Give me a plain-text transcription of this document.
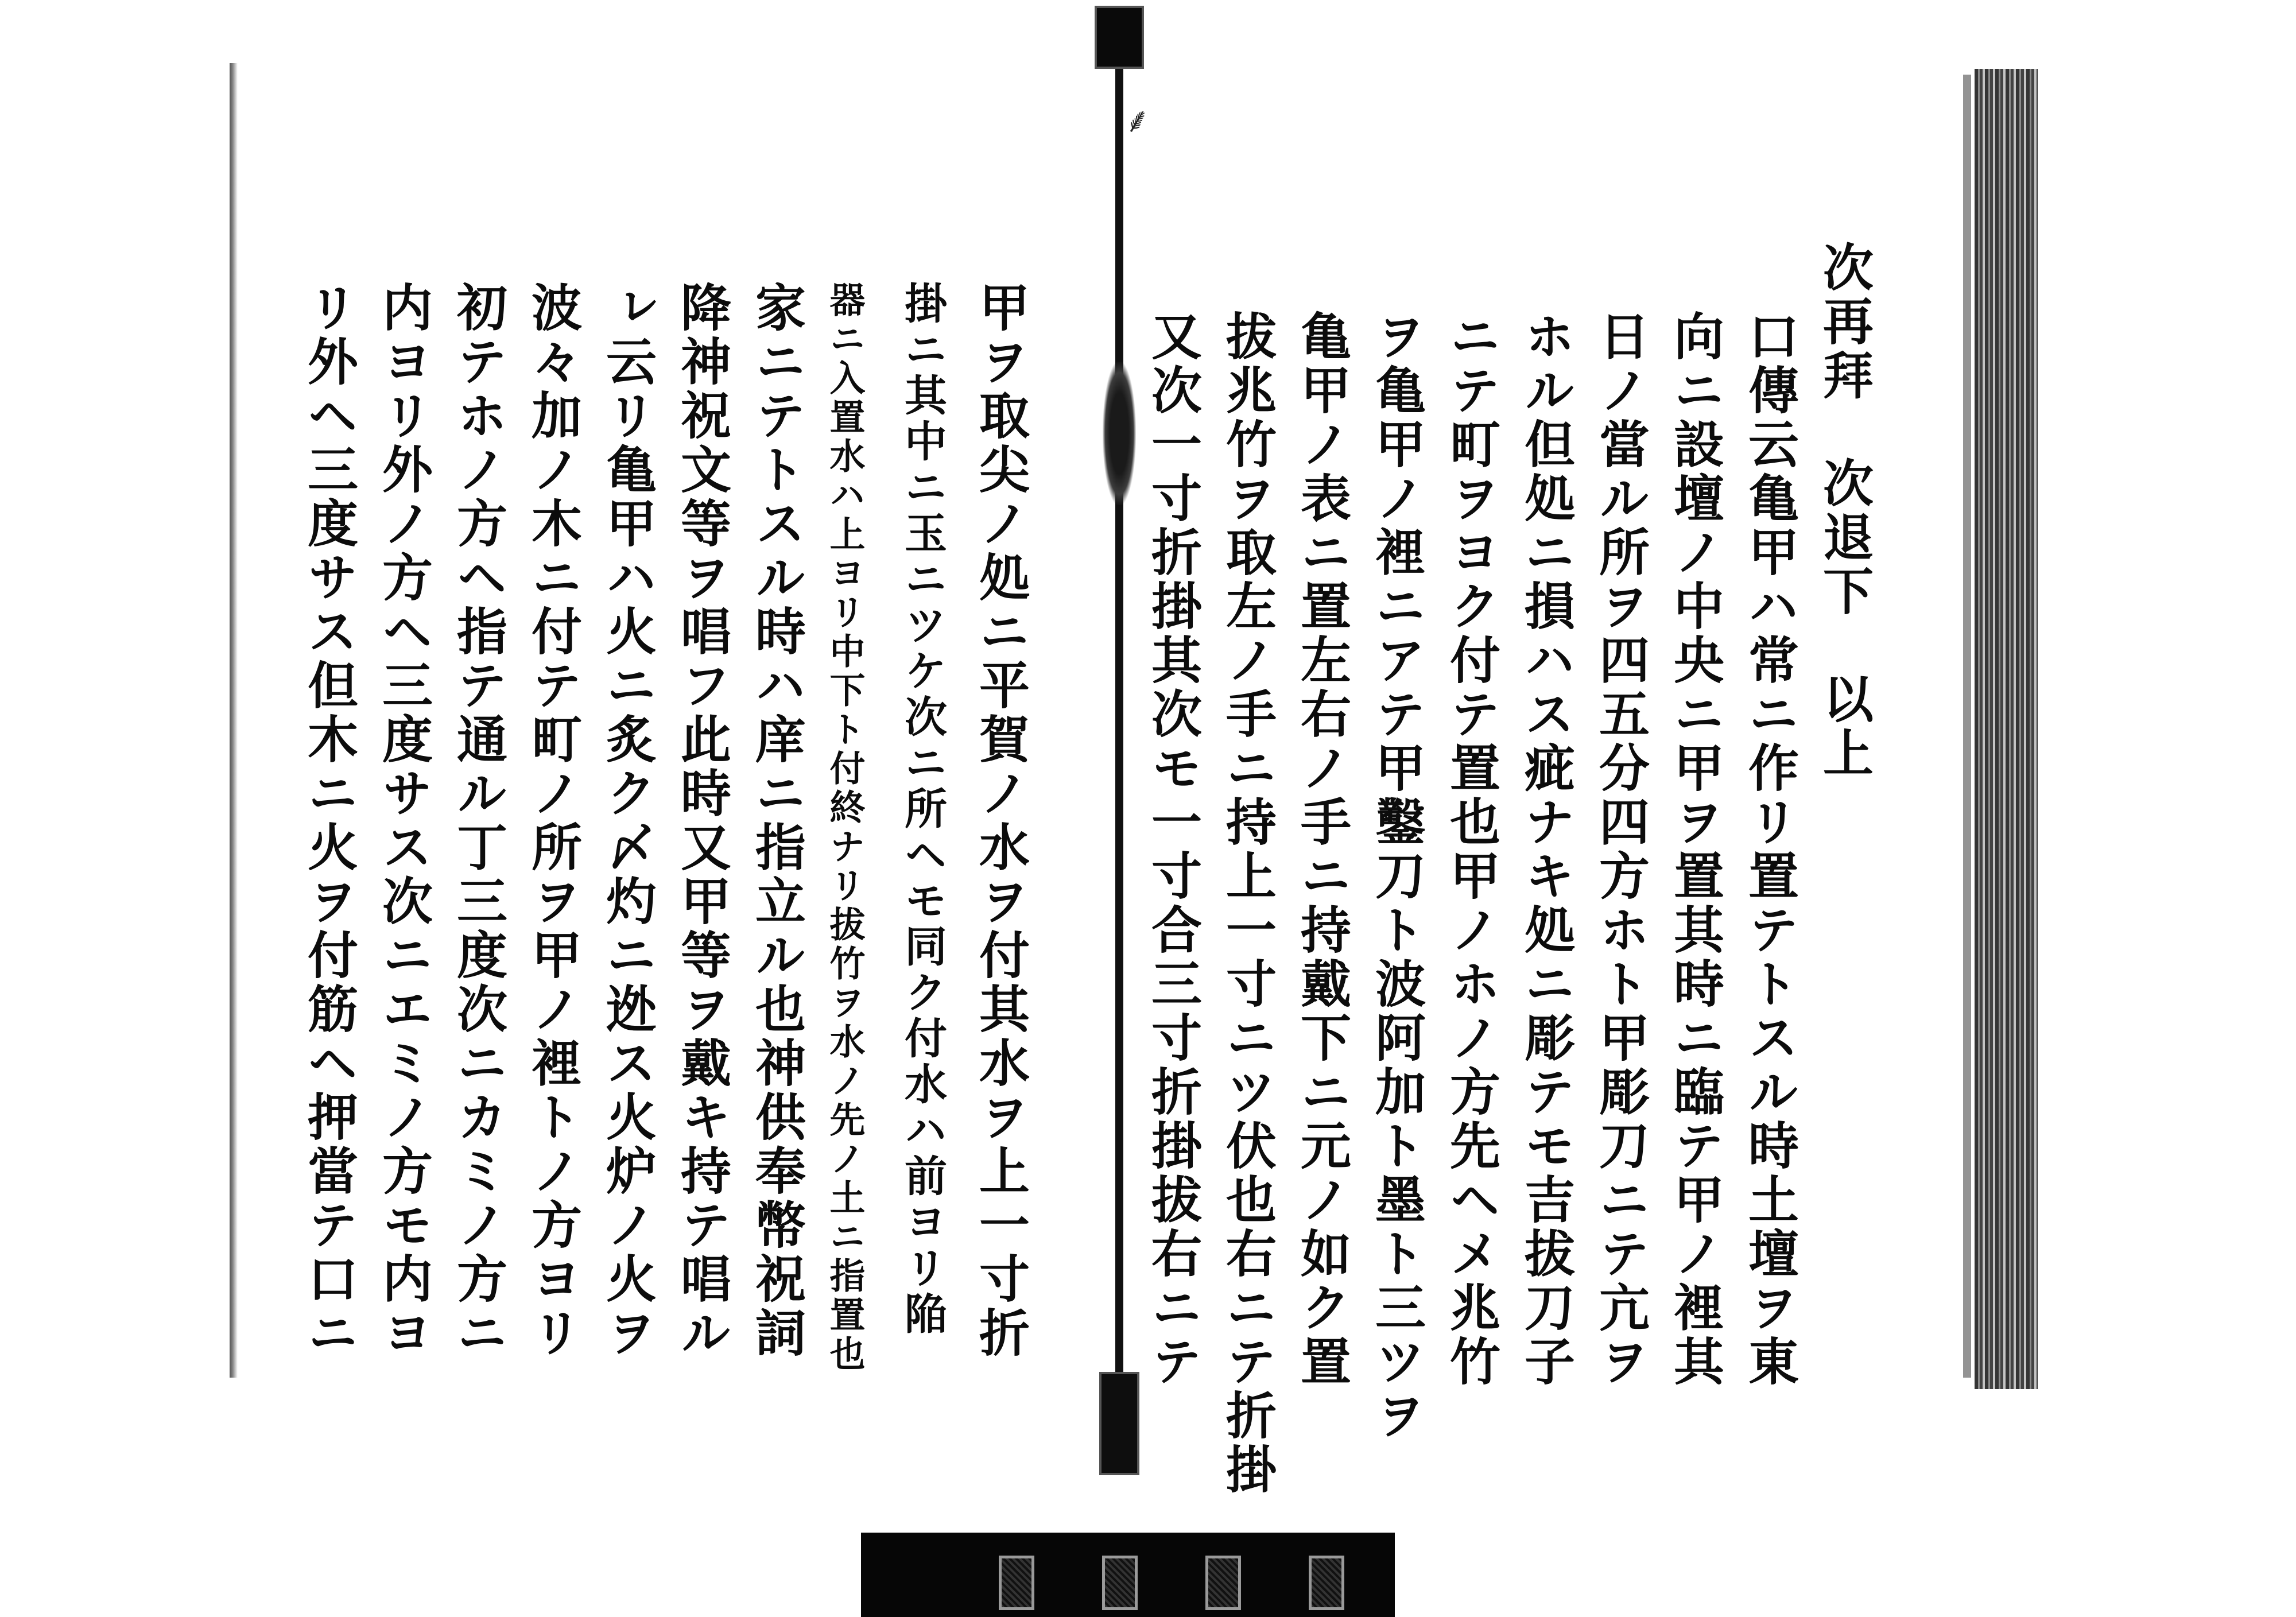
⸙
次再拜　次退下　以上
口傳云亀甲ハ常ニ作リ置テトスル時土壇ヲ東
向ニ設壇ノ中央ニ甲ヲ置其時ニ臨テ甲ノ裡其
日ノ當ル所ヲ四五分四方ホト甲彫刀ニテ亢ヲ
ホル但処ニ損ハス疵ナキ処ニ彫テモ吉拔刀子
ニテ町ヲヨク付テ置也甲ノホノ方先ヘメ兆竹
ヲ亀甲ノ裡ニアテ甲鑿刀ト波阿加ト墨ト三ツヲ
亀甲ノ表ニ置左右ノ手ニ持戴下ニ元ノ如ク置
拔兆竹ヲ取左ノ手ニ持上一寸ニツ伏也右ニテ折掛
又次一寸折掛其次モ一寸合三寸折掛拔右ニテ
甲ヲ取尖ノ処ニ平賀ノ水ヲ付其水ヲ上一寸折
掛ニ其中ニ玉ニツケ次ニ所ヘモ同ク付水ハ前ヨリ陥
器ニ入置水ハ上ヨリ中下ト付終ナリ拔竹ヲ水ノ先ノ土ニ指置也
家ニテトスル時ハ庠ニ指立ル也神供奉幣祝詞
降神祝文等ヲ唱フ此時又甲等ヲ戴キ持テ唱ル
ㇾ云リ亀甲ハ火ニ炙ク〆灼ニ迯ス火炉ノ火ヲ
波々加ノ木ニ付テ町ノ所ヲ甲ノ裡トノ方ヨリ
初テホノ方ヘ指テ通ル丁三度次ニカミノ方ニ
内ヨリ外ノ方ヘ三度サス次ニエミノ方モ内ヨ
リ外ヘ三度サス但木ニ火ヲ付筋ヘ押當テ口ニ
